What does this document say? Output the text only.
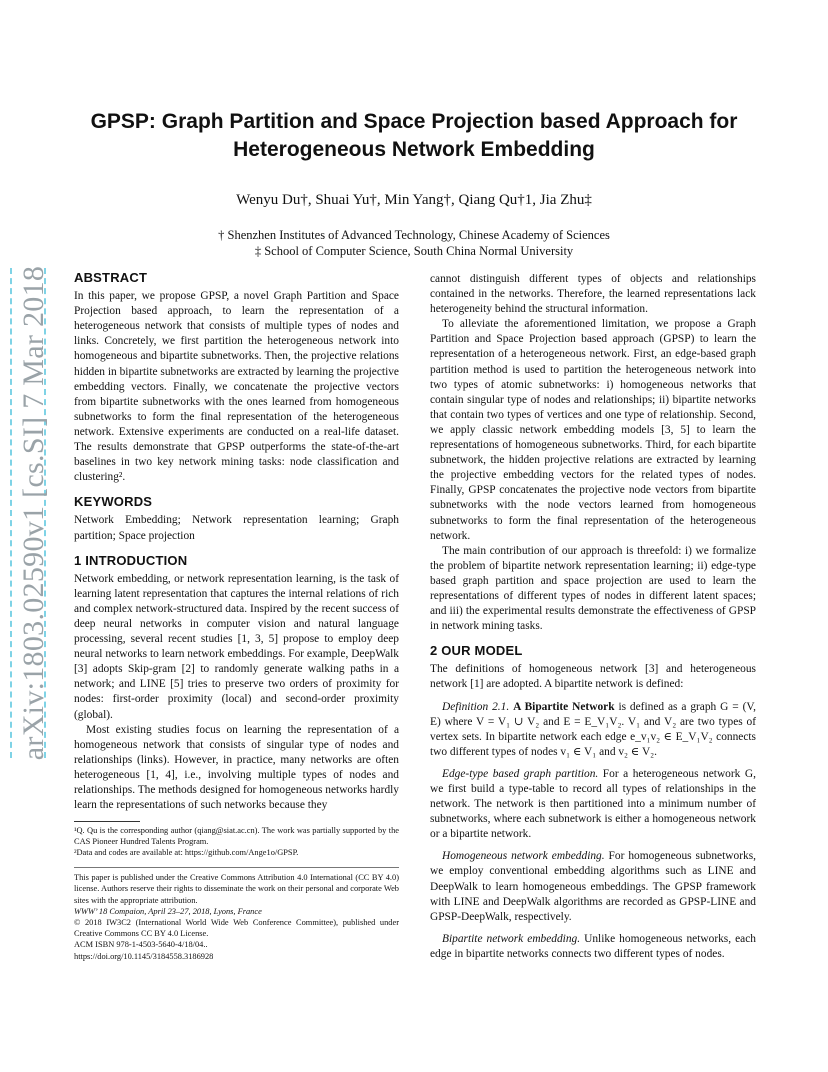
arXiv:1803.02590v1 [cs.SI] 7 Mar 2018
GPSP: Graph Partition and Space Projection based Approach for Heterogeneous Network Embedding
Wenyu Du†, Shuai Yu†, Min Yang†, Qiang Qu†1, Jia Zhu‡
† Shenzhen Institutes of Advanced Technology, Chinese Academy of Sciences
‡ School of Computer Science, South China Normal University
ABSTRACT

In this paper, we propose GPSP, a novel Graph Partition and Space Projection based approach, to learn the representation of a heterogeneous network that consists of multiple types of nodes and links. Concretely, we first partition the heterogeneous network into homogeneous and bipartite subnetworks. Then, the projective relations hidden in bipartite subnetworks are extracted by learning the projective embedding vectors. Finally, we concatenate the projective vectors from bipartite subnetworks with the ones learned from homogeneous subnetworks to form the final representation of the heterogeneous network. Extensive experiments are conducted on a real-life dataset. The results demonstrate that GPSP outperforms the state-of-the-art baselines in two key network mining tasks: node classification and clustering².

KEYWORDS

Network Embedding; Network representation learning; Graph partition; Space projection

1 INTRODUCTION

Network embedding, or network representation learning, is the task of learning latent representation that captures the internal relations of rich and complex network-structured data. Inspired by the recent success of deep neural networks in computer vision and natural language processing, several recent studies [1, 3, 5] propose to employ deep neural networks to learn network embeddings. For example, DeepWalk [3] adopts Skip-gram [2] to randomly generate walking paths in a network; and LINE [5] tries to preserve two orders of proximity for nodes: first-order proximity (local) and second-order proximity (global).

Most existing studies focus on learning the representation of a homogeneous network that consists of singular type of nodes and relationships (links). However, in practice, many networks are often heterogeneous [1, 4], i.e., involving multiple types of nodes and relationships. The methods designed for homogeneous networks hardly learn the representations of such networks because they

¹Q. Qu is the corresponding author (qiang@siat.ac.cn). The work was partially supported by the CAS Pioneer Hundred Talents Program.

²Data and codes are available at: https://github.com/Ange1o/GPSP.

This paper is published under the Creative Commons Attribution 4.0 International (CC BY 4.0) license. Authors reserve their rights to disseminate the work on their personal and corporate Web sites with the appropriate attribution.

WWW’ 18 Compaion, April 23–27, 2018, Lyons, France

© 2018 IW3C2 (International World Wide Web Conference Committee), published under Creative Commons CC BY 4.0 License.

ACM ISBN 978-1-4503-5640-4/18/04..

https://doi.org/10.1145/3184558.3186928

cannot distinguish different types of objects and relationships contained in the networks. Therefore, the learned representations lack heterogeneity behind the structural information.

To alleviate the aforementioned limitation, we propose a Graph Partition and Space Projection based approach (GPSP) to learn the representation of a heterogeneous network. First, an edge-based graph partition method is used to partition the heterogeneous network into two types of atomic subnetworks: i) homogeneous networks that contain singular type of nodes and relationships; ii) bipartite networks that contain two types of vertices and one type of relationship. Second, we apply classic network embedding models [3, 5] to learn the representations of homogeneous subnetworks. Third, for each bipartite subnetwork, the hidden projective relations are extracted by learning the projective embedding vectors for the related types of nodes. Finally, GPSP concatenates the projective node vectors from bipartite subnetworks with the node vectors learned from homogeneous subnetworks to form the final representation of the heterogeneous network.

The main contribution of our approach is threefold: i) we formalize the problem of bipartite network representation learning; ii) edge-type based graph partition and space projection are used to learn the representations of different types of nodes in different latent spaces; and iii) the experimental results demonstrate the effectiveness of GPSP in network mining tasks.

2 OUR MODEL

The definitions of homogeneous network [3] and heterogeneous network [1] are adopted. A bipartite network is defined:

Definition 2.1. A Bipartite Network is defined as a graph G = (V, E) where V = V₁ ∪ V₂ and E = E_V₁V₂. V₁ and V₂ are two types of vertex sets. In bipartite network each edge e_v₁v₂ ∈ E_V₁V₂ connects two different types of nodes v₁ ∈ V₁ and v₂ ∈ V₂.

Edge-type based graph partition. For a heterogeneous network G, we first build a type-table to record all types of relationships in the network. The network is then partitioned into a minimum number of subnetworks, where each subnetwork is either a homogeneous network or a bipartite network.

Homogeneous network embedding. For homogeneous subnetworks, we employ conventional embedding algorithms such as LINE and DeepWalk to learn homogeneous embeddings. The GPSP framework with LINE and DeepWalk algorithms are recorded as GPSP-LINE and GPSP-DeepWalk, respectively.

Bipartite network embedding. Unlike homogeneous networks, each edge in bipartite networks connects two different types of nodes.
